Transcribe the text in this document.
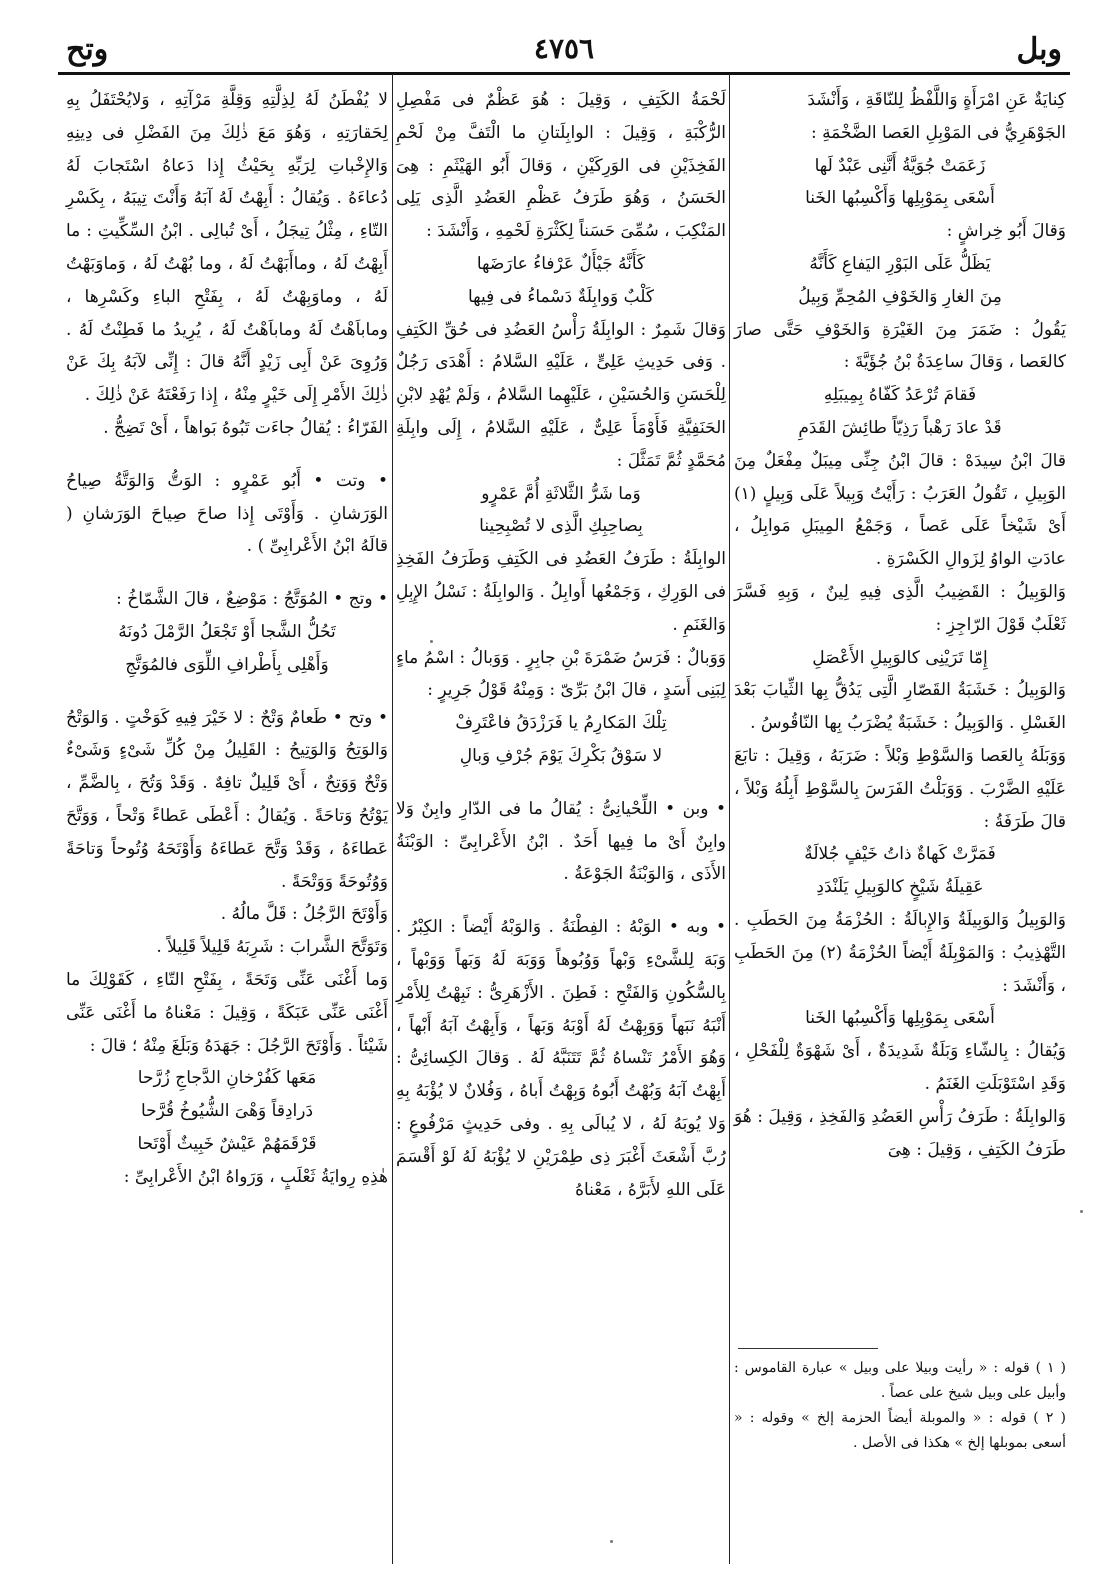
وبل
٤٧٥٦
وتح

كِنايَةٌ عَنِ امْرَأَةٍ وَاللَّفْظُ لِلنّاقَةِ ، وَأَنْشَدَ

الجَوْهَرِيُّ فى المَوْبِلِ العَصا الضَّخْمَةِ :

زَعَمَتْ جُوَيَّةُ أَنَّنِى عَبْدٌ لَها

أَسْعَى بِمَوْبِلِها وَأَكْسِبُها الخَنا

وَقالَ أَبُو خِراشٍ :

يَظَلُّ عَلَى البَوْرِ اليَفاعِ كَأَنَّهُ

مِنَ الغارِ وَالخَوْفِ المُحِمِّ وَبِيلُ

يَقُولُ : ضَمَرَ مِنَ الغَيْرَةِ وَالخَوْفِ حَتَّى صارَ كالعَصا ، وَقالَ ساعِدَةُ بْنُ جُؤَيَّةَ :

فَقامَ تُرْعَدُ كَفّاهُ بِمِيبَلِهِ

قَدْ عادَ رَهْباً رَذِيّاً طائِشَ القَدَمِ

قالَ ابْنُ سِيدَهْ : قالَ ابْنُ جِنِّى مِيبَلٌ مِفْعَلٌ مِنَ الوَبِيلِ ، تَقُولُ العَرَبُ : رَأَيْتُ وَبِيلاً عَلَى وَبِيلٍ (١) أَىْ شَيْخاً عَلَى عَصاً ، وَجَمْعُ المِيبَلِ مَوابِلُ ، عادَتِ الواوُ لِزَوالِ الكَسْرَةِ .

وَالوَبِيلُ : القَضِيبُ الَّذِى فِيهِ لِينٌ ، وَبِهِ فَسَّرَ ثَعْلَبٌ قَوْلَ الرّاجِزِ :

إِمّا تَرَيْنِى كالوَبِيلِ الأَعْصَلِ

وَالوَبِيلُ : خَشَبَةُ القَصّارِ الَّتِى يَدُقُّ بِها الثِّيابَ بَعْدَ الغَسْلِ . وَالوَبِيلُ : خَشَبَةٌ يُضْرَبُ بِها النّاقُوسُ .

وَوَبَلَهُ بِالعَصا وَالسَّوْطِ وَبْلاً : ضَرَبَهُ ، وَقِيلَ : تابَعَ عَلَيْهِ الضَّرْبَ . وَوَبَلْتُ الفَرَسَ بِالسَّوْطِ أَبِلُهُ وَبْلاً ، قالَ طَرَفَةُ :

فَمَرَّتْ كَهاةٌ ذاتُ خَيْفٍ جُلالَةٌ

عَقِيلَةُ شَيْخٍ كالوَبِيلِ يَلَنْدَدِ

وَالوَبِيلُ وَالوَبِيلَةُ وَالإِبالَةُ : الحُزْمَةُ مِنَ الحَطَبِ . التَّهْذِيبُ : وَالمَوْبِلَةُ أَيْضاً الحُزْمَةُ (٢) مِنَ الحَطَبِ ، وَأَنْشَدَ :

أَسْعَى بِمَوْبِلِها وَأَكْسِبُها الخَنا

وَيُقالُ : بِالشّاءِ وَبَلَةٌ شَدِيدَةٌ ، أَىْ شَهْوَةٌ لِلْفَحْلِ ، وَقَدِ اسْتَوْبَلَتِ الغَنَمُ .

وَالوابِلَةُ : طَرَفُ رَأْسِ العَضُدِ وَالفَخِذِ ، وَقِيلَ : هُوَ طَرَفُ الكَتِفِ ، وَقِيلَ : هِىَ

لَحْمَةُ الكَتِفِ ، وَقِيلَ : هُوَ عَظْمٌ فى مَفْصِلِ الرُّكْبَةِ ، وَقِيلَ : الوابِلَتانِ ما الْتَفَّ مِنْ لَحْمِ الفَخِذَيْنِ فى الوَرِكَيْنِ ، وَقالَ أَبُو الهَيْثَمِ : هِىَ الحَسَنُ ، وَهُوَ طَرَفُ عَظْمِ العَضُدِ الَّذِى يَلِى المَنْكِبَ ، سُمِّىَ حَسَناً لِكَثْرَةِ لَحْمِهِ ، وَأَنْشَدَ :

كَأَنَّهُ جَيْأَلٌ عَرْفاءُ عارَضَها

كَلْبٌ وَوابِلَةٌ دَسْماءُ فى فِيها

وَقالَ شَمِرٌ : الوابِلَةُ رَأْسُ العَضُدِ فى حُقِّ الكَتِفِ . وَفى حَدِيثِ عَلِىٍّ ، عَلَيْهِ السَّلامُ : أَهْدَى رَجُلٌ لِلْحَسَنِ وَالحُسَيْنِ ، عَلَيْهِما السَّلامُ ، وَلَمْ يُهْدِ لابْنِ الحَنَفِيَّةِ فَأَوْمَأَ عَلِىٌّ ، عَلَيْهِ السَّلامُ ، إِلَى وابِلَةِ مُحَمَّدٍ ثُمَّ تَمَثَّلَ :

وَما شَرُّ الثَّلاثَةِ أُمَّ عَمْرٍو

بِصاحِبِكِ الَّذِى لا تُصْبِحِينا

الوابِلَةُ : طَرَفُ العَضُدِ فى الكَتِفِ وَطَرَفُ الفَخِذِ فى الوَرِكِ ، وَجَمْعُها أَوابِلُ . وَالوابِلَةُ : نَسْلُ الإِبِلِ وَالغَنَمِ .

وَوَبالٌ : فَرَسُ ضَمْرَةَ بْنِ جابِرٍ . وَوَبالُ : اسْمُ ماءٍ لِبَنِى أَسَدٍ ، قالَ ابْنُ بَرِّىّ : وَمِنْهُ قَوْلُ جَرِيرٍ :

تِلْكَ المَكارِمُ يا فَرَزْدَقُ فاعْتَرِفْ

لا سَوْقُ بَكْرِكَ يَوْمَ جُرْفِ وَبالِ

• وبن • اللِّحْيانِىُّ : يُقالُ ما فى الدّارِ وابِنٌ وَلا وابِنٌ أَىْ ما فِيها أَحَدٌ . ابْنُ الأَعْرابِىِّ : الوَبْنَةُ الأَذَى ، وَالوَبْنَةُ الجَوْعَةُ .

• وبه • الوَبْهُ : الفِطْنَةُ . وَالوَبْهُ أَيْضاً : الكِبْرُ . وَبَهَ لِلشَّىْءِ وَبْهاً وَوُبُوهاً وَوَبَهَ لَهُ وَبَهاً وَوَبْهاً ، بِالسُّكُونِ وَالفَتْحِ : فَطِنَ . الأَزْهَرِىُّ : نَبِهْتُ لِلأَمْرِ أَنْبَهُ نَبَهاً وَوَبِهْتُ لَهُ أَوْبَهُ وَبَهاً ، وَأَبِهْتُ آبَهُ أَبْهاً ، وَهُوَ الأَمْرُ تَنْساهُ ثُمَّ تَتَنَبَّهُ لَهُ . وَقالَ الكِسائِىُّ : أَبِهْتُ آبَهُ وَبُهْتُ أَبُوهُ وَبِهْتُ أَباهُ ، وَفُلانٌ لا يُؤْبَهُ بِهِ وَلا يُوبَهُ لَهُ ، لا يُبالَى بِهِ . وفى حَدِيثٍ مَرْفُوعٍ : رُبَّ أَشْعَثَ أَغْبَرَ ذِى طِمْرَيْنِ لا يُؤْبَهُ لَهُ لَوْ أَقْسَمَ عَلَى اللهِ لأَبَرَّهُ ، مَعْناهُ

لا يُفْطَنُ لَهُ لِذِلَّتِهِ وَقِلَّةِ مَرْآتِهِ ، وَلايُحْتَفَلُ بِهِ لِحَقارَتِهِ ، وَهُوَ مَعَ ذٰلِكَ مِنَ الفَضْلِ فى دِينِهِ وَالإِخْباتِ لِرَبِّهِ بِحَيْثُ إِذا دَعاهُ اسْتَجابَ لَهُ دُعاءَهُ . وَيُقالُ : أَبِهْتُ لَهُ آبَهُ وَأَنْتَ تِيبَهُ ، بِكَسْرِ التّاءِ ، مِثْلُ تِيجَلُ ، أَىْ تُبالِى . ابْنُ السِّكِّيتِ : ما أَبِهْتُ لَهُ ، وماأَبَهْتُ لَهُ ، وما بُهْتُ لَهُ ، وَماوَبَهْتُ لَهُ ، وماوَبِهْتُ لَهُ ، بِفَتْحِ الباءِ وكَسْرِها ، وماباَهْتُ لَهُ وماباَهْتُ لَهُ ، يُرِيدُ ما فَطِنْتُ لَهُ . وَرُوِىَ عَنْ أَبِى زَيْدٍ أَنَّهُ قالَ : إِنِّى لآبَهُ بِكَ عَنْ ذٰلِكَ الأَمْرِ إِلَى خَيْرٍ مِنْهُ ، إِذا رَفَعْتَهُ عَنْ ذٰلِكَ .

الفَرّاءُ : يُقالُ جاءَت تَبُوهُ بَواهاً ، أَىْ تَضِجُّ .

• وتت • أَبُو عَمْرٍو : الوَتُّ وَالوَتَّةُ صِياحُ الوَرَشانِ . وَأَوْتَى إِذا صاحَ صِياحَ الوَرَشانِ ( قالَهُ ابْنُ الأَعْرابِىِّ ) .

• وتج • المُوَتَّجُ : مَوْضِعٌ ، قالَ الشَّمّاخُ :

تَحُلُّ الشَّجا أَوْ تَجْعَلُ الرَّمْلَ دُونَهُ

وَأَهْلِى بِأَطْرافِ اللِّوَى فالمُوَتَّجِ

• وتح • طَعامٌ وَتْحٌ : لا خَيْرَ فِيهِ كَوَخْتٍ . وَالوَتْحُ وَالوَتِحُ وَالوَتِيحُ : القَلِيلُ مِنْ كُلِّ شَىْءٍ وَشَىْءٌ وَتْحٌ وَوَتِحٌ ، أَىْ قَلِيلٌ تافِهٌ . وَقَدْ وَتُحَ ، بِالضَّمِّ ، يَوْتُحُ وَتاحَةً . وَيُقالُ : أَعْطَى عَطاءً وَتْحاً ، وَوَتَّحَ عَطاءَهُ ، وَقَدْ وَتَّحَ عَطاءَهُ وَأَوْتَحَهُ وُتُوحاً وَتاحَةً وَوُتُوحَةً وَوَتْحَةً .

وَأَوْتَحَ الرَّجُلُ : قَلَّ مالُهُ .

وَتَوَتَّحَ الشَّرابَ : شَرِبَهُ قَلِيلاً قَلِيلاً .

وَما أَغْنَى عَنِّى وَتَحَةً ، بِفَتْحِ التّاءِ ، كَقَوْلِكَ ما أَغْنَى عَنِّى عَبَكَةً ، وَقِيلَ : مَعْناهُ ما أَغْنَى عَنِّى شَيْئاً . وَأَوْتَحَ الرَّجُلَ : جَهَدَهُ وَبَلَغَ مِنْهُ ؛ قالَ :

مَعَها كَفُرْخانِ الدَّجاجِ زُرَّحا

دَرادِقاً وَهْىَ الشُّيُوخُ قُرَّحا

قَرْقَمَهُمْ عَيْشٌ خَبِيثٌ أَوْتَحا

هٰذِهِ رِوايَةُ ثَعْلَبٍ ، وَرَواهُ ابْنُ الأَعْرابِىِّ :

( ١ ) قوله : « رأيت وبيلا على وبيل » عبارة القاموس : وأبيل على وبيل شيخ على عصاً .

( ٢ ) قوله : « والموبلة أيضاً الحزمة إلخ » وقوله : « أسعى بموبلها إلخ » هكذا فى الأصل .
